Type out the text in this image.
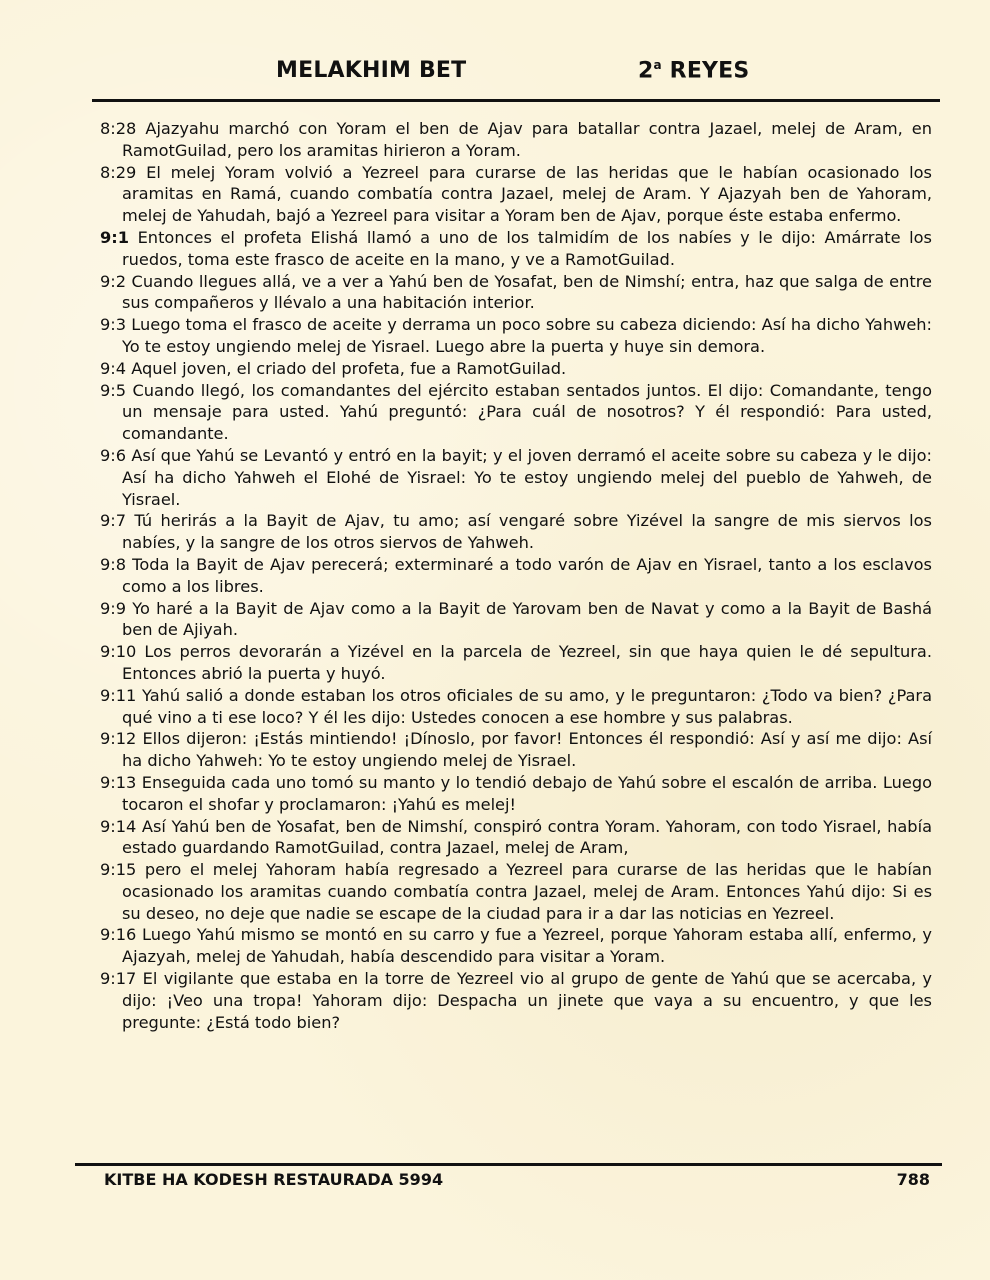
MELAKHIM BET	2$^a$ REYES

8:28 Ajazyahu marchó con Yoram el ben de Ajav para batallar contra Jazael, melej de Aram, en RamotGuilad, pero los aramitas hirieron a Yoram.

8:29 El melej Yoram volvió a Yezreel para curarse de las heridas que le habían ocasionado los aramitas en Ramá, cuando combatía contra Jazael, melej de Aram. Y Ajazyah ben de Yahoram, melej de Yahudah, bajó a Yezreel para visitar a Yoram ben de Ajav, porque éste estaba enfermo.

9:1 Entonces el profeta Elishá llamó a uno de los talmidím de los nabíes y le dijo: Amárrate los ruedos, toma este frasco de aceite en la mano, y ve a RamotGuilad.

9:2 Cuando llegues allá, ve a ver a Yahú ben de Yosafat, ben de Nimshí; entra, haz que salga de entre sus compañeros y llévalo a una habitación interior.

9:3 Luego toma el frasco de aceite y derrama un poco sobre su cabeza diciendo: Así ha dicho Yahweh: Yo te estoy ungiendo melej de Yisrael. Luego abre la puerta y huye sin demora.

9:4 Aquel joven, el criado del profeta, fue a RamotGuilad.

9:5 Cuando llegó, los comandantes del ejército estaban sentados juntos. El dijo: Comandante, tengo un mensaje para usted. Yahú preguntó: ¿Para cuál de nosotros? Y él respondió: Para usted, comandante.

9:6 Así que Yahú se Levantó y entró en la bayit; y el joven derramó el aceite sobre su cabeza y le dijo: Así ha dicho Yahweh el Elohé de Yisrael: Yo te estoy ungiendo melej del pueblo de Yahweh, de Yisrael.

9:7 Tú herirás a la Bayit de Ajav, tu amo; así vengaré sobre Yizével la sangre de mis siervos los nabíes, y la sangre de los otros siervos de Yahweh.

9:8 Toda la Bayit de Ajav perecerá; exterminaré a todo varón de Ajav en Yisrael, tanto a los esclavos como a los libres.

9:9 Yo haré a la Bayit de Ajav como a la Bayit de Yarovam ben de Navat y como a la Bayit de Bashá ben de Ajiyah.

9:10 Los perros devorarán a Yizével en la parcela de Yezreel, sin que haya quien le dé sepultura. Entonces abrió la puerta y huyó.

9:11 Yahú salió a donde estaban los otros oficiales de su amo, y le preguntaron: ¿Todo va bien? ¿Para qué vino a ti ese loco? Y él les dijo: Ustedes conocen a ese hombre y sus palabras.

9:12 Ellos dijeron: ¡Estás mintiendo! ¡Dínoslo, por favor! Entonces él respondió: Así y así me dijo: Así ha dicho Yahweh: Yo te estoy ungiendo melej de Yisrael.

9:13 Enseguida cada uno tomó su manto y lo tendió debajo de Yahú sobre el escalón de arriba. Luego tocaron el shofar y proclamaron: ¡Yahú es melej!

9:14 Así Yahú ben de Yosafat, ben de Nimshí, conspiró contra Yoram. Yahoram, con todo Yisrael, había estado guardando RamotGuilad, contra Jazael, melej de Aram,

9:15 pero el melej Yahoram había regresado a Yezreel para curarse de las heridas que le habían ocasionado los aramitas cuando combatía contra Jazael, melej de Aram. Entonces Yahú dijo: Si es su deseo, no deje que nadie se escape de la ciudad para ir a dar las noticias en Yezreel.

9:16 Luego Yahú mismo se montó en su carro y fue a Yezreel, porque Yahoram estaba allí, enfermo, y Ajazyah, melej de Yahudah, había descendido para visitar a Yoram.

9:17 El vigilante que estaba en la torre de Yezreel vio al grupo de gente de Yahú que se acercaba, y dijo: ¡Veo una tropa! Yahoram dijo: Despacha un jinete que vaya a su encuentro, y que les pregunte: ¿Está todo bien?

KITBE HA KODESH RESTAURADA 5994	788
